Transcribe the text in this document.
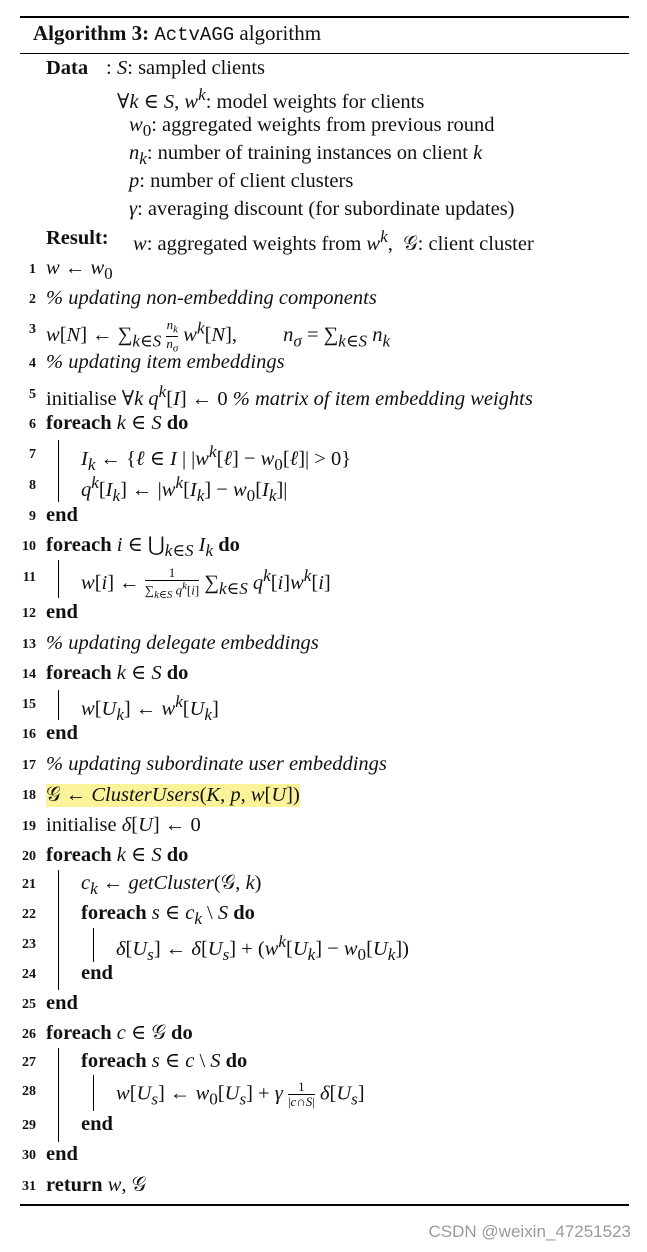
Algorithm 3: ActvAGG algorithm
Data : S: sampled clients
∀k ∈ S, $w^k$: model weights for clients
$w_0$: aggregated weights from previous round
$n_k$: number of training instances on client k
p: number of client clusters
γ: averaging discount (for subordinate updates)
Result: w: aggregated weights from $w^k$,  𝒢: client cluster
1 w ← $w_0$
2 % updating non-embedding components
3 w[N] ← $\sum_{k\in S} \frac{n_k}{n_\sigma} w^k[N]$,         $n_\sigma = \sum_{k\in S}$ $n_k$
4 % updating item embeddings
5 initialise ∀k $q^k[I]$ ← 0 % matrix of item embedding weights
6 foreach k ∈ S do
7 $I_k$ ← {ℓ ∈ I | $|w^k[\ell]$ − $w_0[\ell]| > 0$}
8 $q^k[I_k]$ ← $|w^k[I_k] - w_0[I_k]|$
9 end
10 foreach i ∈ $⋃_{k\in S}$ $I_k$ do
11 w[i] ← $\frac{1}{\sum_{k\in S} q^k[i]} \sum_{k\in S}$ $q^k[i]w^k[i]$
12 end
13 % updating delegate embeddings
14 foreach k ∈ S do
15 $w[U_k]$ ← $w^k[U_k]$
16 end
17 % updating subordinate user embeddings
18 𝒢 ← ClusterUsers(K, p, w[U])
19 initialise δ[U] ← 0
20 foreach k ∈ S do
21 $c_k$ ← getCluster(𝒢, k)
22 foreach s ∈ $c_k$ \ S do
23	$\delta[U_s]$ ← $\delta[U_s] + (w^k[U_k] - w_0[U_k])$
24 end
25 end
26 foreach c ∈ 𝒢 do
27 foreach s ∈ c \ S do
28	$w[U_s]$ ← $w_0[U_s] + \gamma \frac{1}{|c\cap S|} \delta[U_s]$
29 end
30 end
31 return w, 𝒢
CSDN @weixin_47251523
